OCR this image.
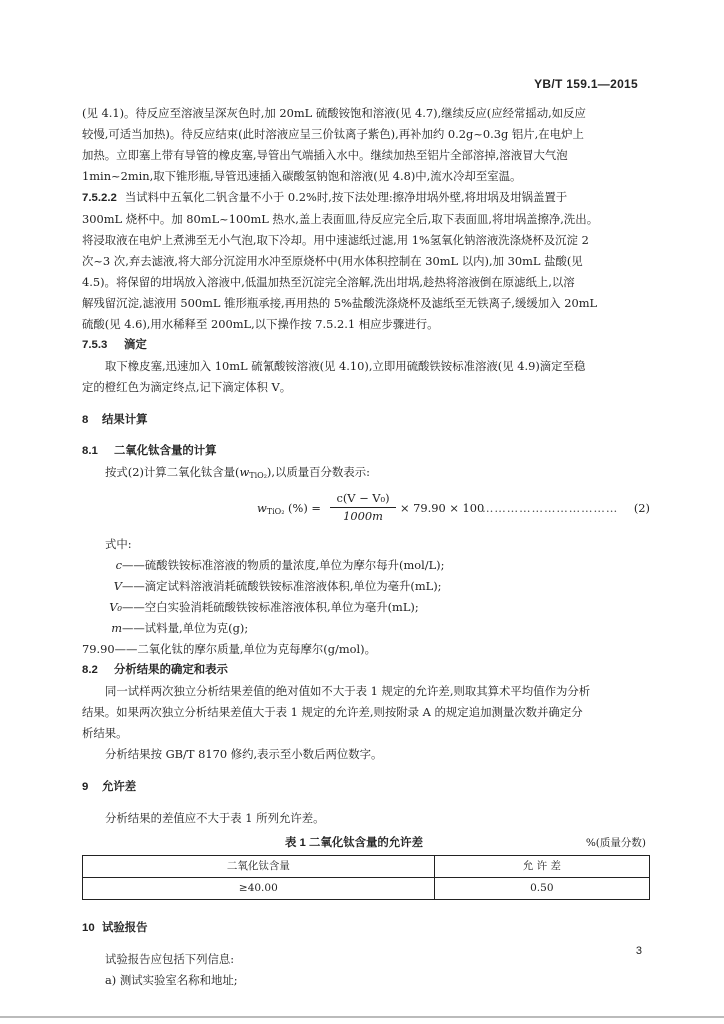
YB/T 159.1—2015

(见 4.1)。待反应至溶液呈深灰色时,加 20mL 硫酸铵饱和溶液(见 4.7),继续反应(应经常摇动,如反应

较慢,可适当加热)。待反应结束(此时溶液应呈三价钛离子紫色),再补加约 0.2g~0.3g 铝片,在电炉上

加热。立即塞上带有导管的橡皮塞,导管出气端插入水中。继续加热至铝片全部溶掉,溶液冒大气泡

1min~2min,取下锥形瓶,导管迅速插入碳酸氢钠饱和溶液(见 4.8)中,流水冷却至室温。

7.5.2.2 当试料中五氧化二钒含量不小于 0.2%时,按下法处理:擦净坩埚外壁,将坩埚及坩锅盖置于

300mL 烧杯中。加 80mL~100mL 热水,盖上表面皿,待反应完全后,取下表面皿,将坩埚盖擦净,洗出。

将浸取液在电炉上煮沸至无小气泡,取下冷却。用中速滤纸过滤,用 1%氢氧化钠溶液洗涤烧杯及沉淀 2

次~3 次,弃去滤液,将大部分沉淀用水冲至原烧杯中(用水体积控制在 30mL 以内),加 30mL 盐酸(见

4.5)。将保留的坩埚放入溶液中,低温加热至沉淀完全溶解,洗出坩埚,趁热将溶液倒在原滤纸上,以溶

解残留沉淀,滤液用 500mL 锥形瓶承接,再用热的 5%盐酸洗涤烧杯及滤纸至无铁离子,缓缓加入 20mL

硫酸(见 4.6),用水稀释至 200mL,以下操作按 7.5.2.1 相应步骤进行。

7.5.3 滴定

取下橡皮塞,迅速加入 10mL 硫氰酸铵溶液(见 4.10),立即用硫酸铁铵标准溶液(见 4.9)滴定至稳

定的橙红色为滴定终点,记下滴定体积 V。

8 结果计算

8.1 二氧化钛含量的计算

按式(2)计算二氧化钛含量$(w_{TiO_2})$,以质量百分数表示:

$w_{TiO_2}$ (%) = $\frac{\text{c(V − V₀)}}{1000m} \times 79.90 \times 100$
…………………………… (2)

式中:

c ——硫酸铁铵标准溶液的物质的量浓度,单位为摩尔每升(mol/L);
V ——滴定试料溶液消耗硫酸铁铵标准溶液体积,单位为毫升(mL);
V₀ ——空白实验消耗硫酸铁铵标准溶液体积,单位为毫升(mL);
m ——试料量,单位为克(g);

79.90——二氧化钛的摩尔质量,单位为克每摩尔(g/mol)。

8.2 分析结果的确定和表示

同一试样两次独立分析结果差值的绝对值如不大于表 1 规定的允许差,则取其算术平均值作为分析

结果。如果两次独立分析结果差值大于表 1 规定的允许差,则按附录 A 的规定追加测量次数并确定分

析结果。

分析结果按 GB/T 8170 修约,表示至小数后两位数字。

9 允许差

分析结果的差值应不大于表 1 所列允许差。

表 1 二氧化钛含量的允许差	%(质量分数)
二氧化钛含量	允 许 差
≥40.00	0.50

10 试验报告

试验报告应包括下列信息:

a) 测试实验室名称和地址;

3
